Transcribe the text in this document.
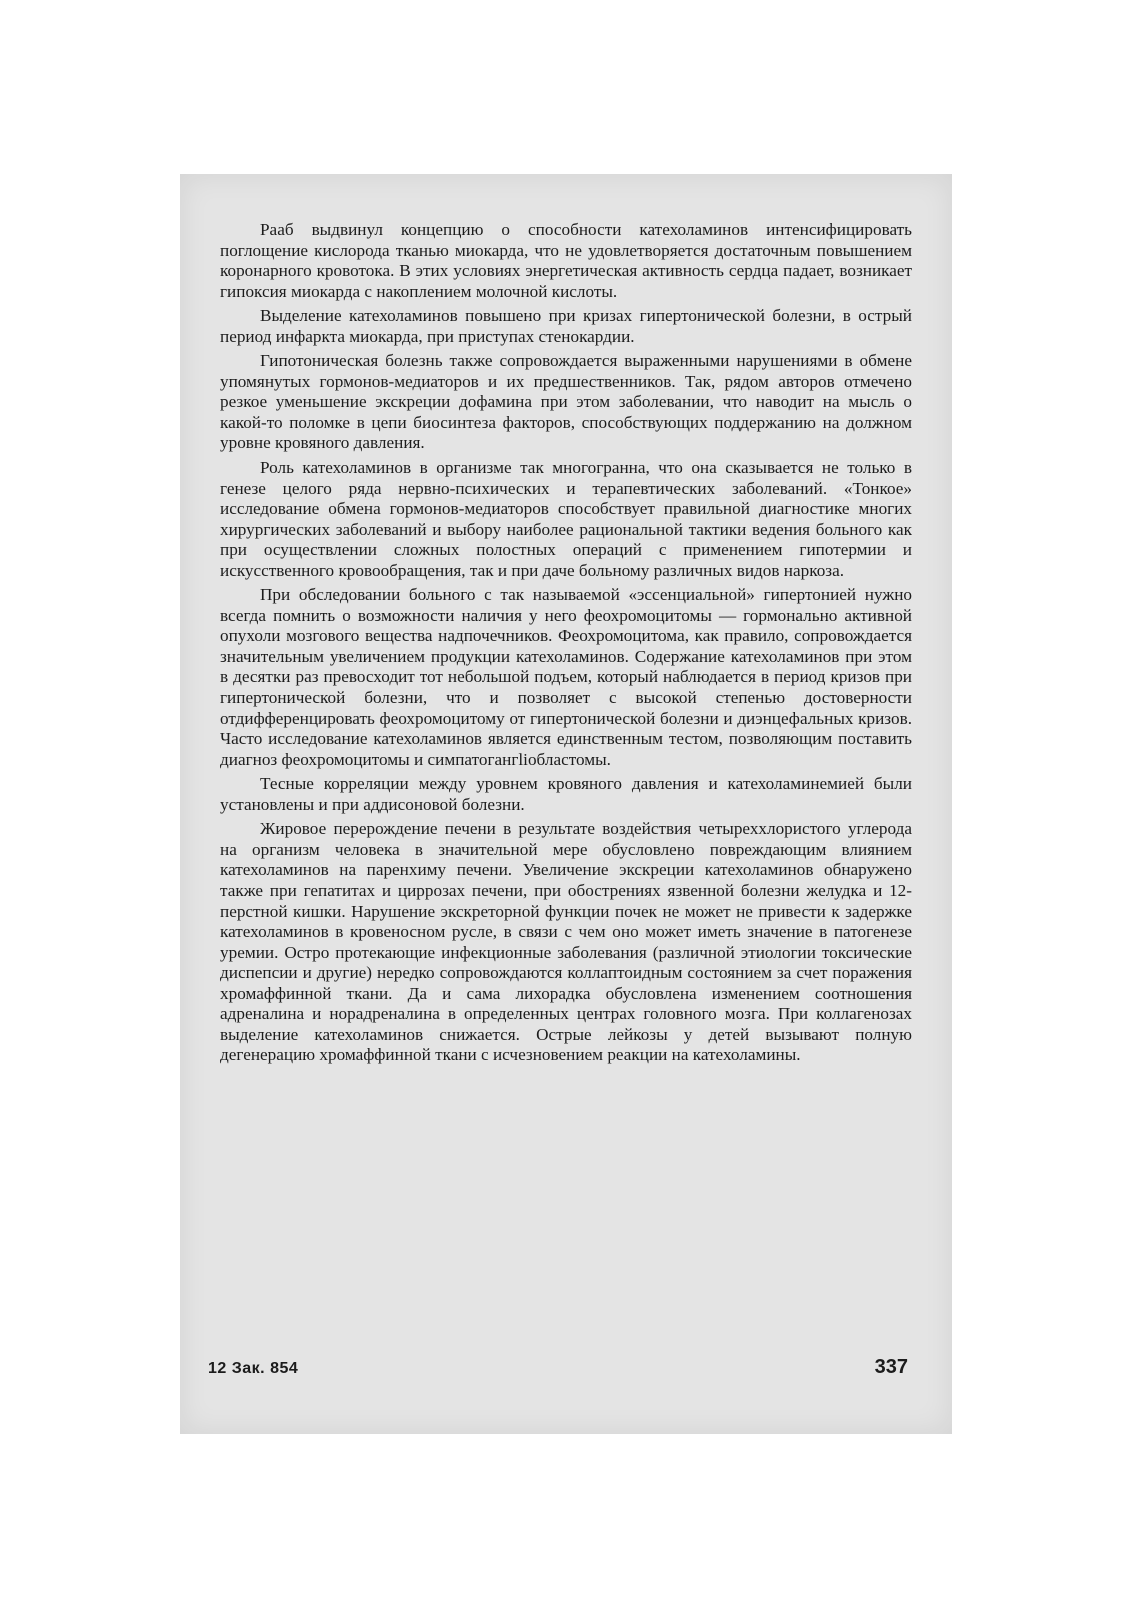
Рааб выдвинул концепцию о способности катехоламинов интенсифицировать поглощение кислорода тканью миокарда, что не удовлетворяется достаточным повышением коронарного кровотока. В этих условиях энергетическая активность сердца падает, возникает гипоксия миокарда с накоплением молочной кислоты.

Выделение катехоламинов повышено при кризах гипертонической болезни, в острый период инфаркта миокарда, при приступах стенокардии.

Гипотоническая болезнь также сопровождается выраженными нарушениями в обмене упомянутых гормонов-медиаторов и их предшественников. Так, рядом авторов отмечено резкое уменьшение экскреции дофамина при этом заболевании, что наводит на мысль о какой-то поломке в цепи биосинтеза факторов, способствующих поддержанию на должном уровне кровяного давления.

Роль катехоламинов в организме так многогранна, что она сказывается не только в генезе целого ряда нервно-психических и терапевтических заболеваний. «Тонкое» исследование обмена гормонов-медиаторов способствует правильной диагностике многих хирургических заболеваний и выбору наиболее рациональной тактики ведения больного как при осуществлении сложных полостных операций с применением гипотермии и искусственного кровообращения, так и при даче больному различных видов наркоза.

При обследовании больного с так называемой «эссенциальной» гипертонией нужно всегда помнить о возможности наличия у него феохромоцитомы — гормонально активной опухоли мозгового вещества надпочечников. Феохромоцитома, как правило, сопровождается значительным увеличением продукции катехоламинов. Содержание катехоламинов при этом в десятки раз превосходит тот небольшой подъем, который наблюдается в период кризов при гипертонической болезни, что и позволяет с высокой степенью достоверности отдифференцировать феохромоцитому от гипертонической болезни и диэнцефальных кризов. Часто исследование катехоламинов является единственным тестом, позволяющим поставить диагноз феохромоцитомы и симпатогангliобластомы.

Тесные корреляции между уровнем кровяного давления и катехоламинемией были установлены и при аддисоновой болезни.

Жировое перерождение печени в результате воздействия четыреххлористого углерода на организм человека в значительной мере обусловлено повреждающим влиянием катехоламинов на паренхиму печени. Увеличение экскреции катехоламинов обнаружено также при гепатитах и циррозах печени, при обострениях язвенной болезни желудка и 12-перстной кишки. Нарушение экскреторной функции почек не может не привести к задержке катехоламинов в кровеносном русле, в связи с чем оно может иметь значение в патогенезе уремии. Остро протекающие инфекционные заболевания (различной этиологии токсические диспепсии и другие) нередко сопровождаются коллаптоидным состоянием за счет поражения хромаффинной ткани. Да и сама лихорадка обусловлена изменением соотношения адреналина и норадреналина в определенных центрах головного мозга. При коллагенозах выделение катехоламинов снижается. Острые лейкозы у детей вызывают полную дегенерацию хромаффинной ткани с исчезновением реакции на катехоламины.

12 Зак. 854	337
